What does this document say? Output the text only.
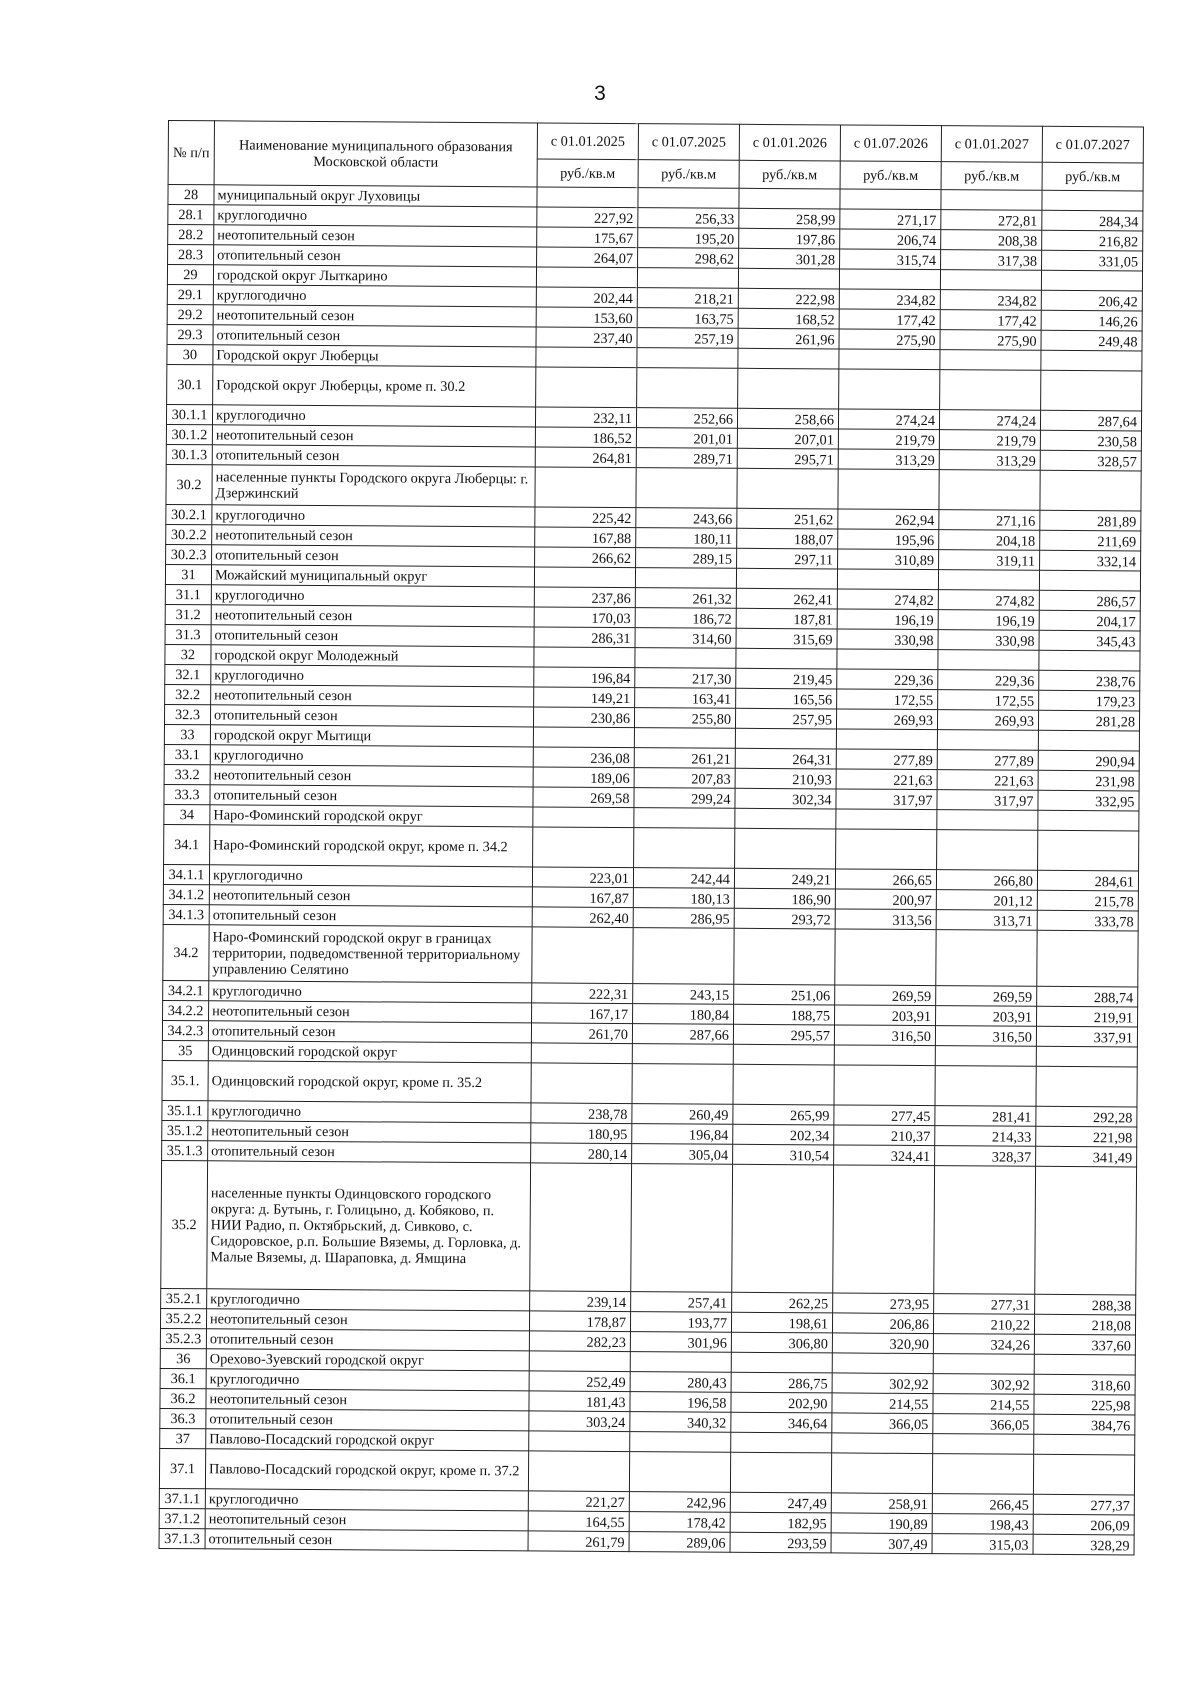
3
№ п/п	Наименование муниципального образования Московской области	с 01.01.2025	с 01.07.2025	с 01.01.2026	с 01.07.2026	с 01.01.2027	с 01.07.2027
		руб./кв.м	руб./кв.м	руб./кв.м	руб./кв.м	руб./кв.м	руб./кв.м
28	муниципальный округ Луховицы						
28.1	круглогодично	227,92	256,33	258,99	271,17	272,81	284,34
28.2	неотопительный сезон	175,67	195,20	197,86	206,74	208,38	216,82
28.3	отопительный сезон	264,07	298,62	301,28	315,74	317,38	331,05
29	городской округ Лыткарино						
29.1	круглогодично	202,44	218,21	222,98	234,82	234,82	206,42
29.2	неотопительный сезон	153,60	163,75	168,52	177,42	177,42	146,26
29.3	отопительный сезон	237,40	257,19	261,96	275,90	275,90	249,48
30	Городской округ Люберцы						
30.1	Городской округ Люберцы, кроме п. 30.2						
30.1.1	круглогодично	232,11	252,66	258,66	274,24	274,24	287,64
30.1.2	неотопительный сезон	186,52	201,01	207,01	219,79	219,79	230,58
30.1.3	отопительный сезон	264,81	289,71	295,71	313,29	313,29	328,57
30.2	населенные пункты Городского округа Люберцы: г. Дзержинский						
30.2.1	круглогодично	225,42	243,66	251,62	262,94	271,16	281,89
30.2.2	неотопительный сезон	167,88	180,11	188,07	195,96	204,18	211,69
30.2.3	отопительный сезон	266,62	289,15	297,11	310,89	319,11	332,14
31	Можайский муниципальный округ						
31.1	круглогодично	237,86	261,32	262,41	274,82	274,82	286,57
31.2	неотопительный сезон	170,03	186,72	187,81	196,19	196,19	204,17
31.3	отопительный сезон	286,31	314,60	315,69	330,98	330,98	345,43
32	городской округ Молодежный						
32.1	круглогодично	196,84	217,30	219,45	229,36	229,36	238,76
32.2	неотопительный сезон	149,21	163,41	165,56	172,55	172,55	179,23
32.3	отопительный сезон	230,86	255,80	257,95	269,93	269,93	281,28
33	городской округ Мытищи						
33.1	круглогодично	236,08	261,21	264,31	277,89	277,89	290,94
33.2	неотопительный сезон	189,06	207,83	210,93	221,63	221,63	231,98
33.3	отопительный сезон	269,58	299,24	302,34	317,97	317,97	332,95
34	Наро-Фоминский городской округ						
34.1	Наро-Фоминский городской округ, кроме п. 34.2						
34.1.1	круглогодично	223,01	242,44	249,21	266,65	266,80	284,61
34.1.2	неотопительный сезон	167,87	180,13	186,90	200,97	201,12	215,78
34.1.3	отопительный сезон	262,40	286,95	293,72	313,56	313,71	333,78
34.2	Наро-Фоминский городской округ в границах территории, подведомственной территориальному управлению Селятино						
34.2.1	круглогодично	222,31	243,15	251,06	269,59	269,59	288,74
34.2.2	неотопительный сезон	167,17	180,84	188,75	203,91	203,91	219,91
34.2.3	отопительный сезон	261,70	287,66	295,57	316,50	316,50	337,91
35	Одинцовский городской округ						
35.1.	Одинцовский городской округ, кроме п. 35.2						
35.1.1	круглогодично	238,78	260,49	265,99	277,45	281,41	292,28
35.1.2	неотопительный сезон	180,95	196,84	202,34	210,37	214,33	221,98
35.1.3	отопительный сезон	280,14	305,04	310,54	324,41	328,37	341,49
35.2	населенные пункты Одинцовского городского округа: д. Бутынь, г. Голицыно, д. Кобяково, п. НИИ Радио, п. Октябрьский, д. Сивково, с. Сидоровское, р.п. Большие Вяземы, д. Горловка, д. Малые Вяземы, д. Шараповка, д. Ямщина						
35.2.1	круглогодично	239,14	257,41	262,25	273,95	277,31	288,38
35.2.2	неотопительный сезон	178,87	193,77	198,61	206,86	210,22	218,08
35.2.3	отопительный сезон	282,23	301,96	306,80	320,90	324,26	337,60
36	Орехово-Зуевский городской округ						
36.1	круглогодично	252,49	280,43	286,75	302,92	302,92	318,60
36.2	неотопительный сезон	181,43	196,58	202,90	214,55	214,55	225,98
36.3	отопительный сезон	303,24	340,32	346,64	366,05	366,05	384,76
37	Павлово-Посадский городской округ						
37.1	Павлово-Посадский городской округ, кроме п. 37.2						
37.1.1	круглогодично	221,27	242,96	247,49	258,91	266,45	277,37
37.1.2	неотопительный сезон	164,55	178,42	182,95	190,89	198,43	206,09
37.1.3	отопительный сезон	261,79	289,06	293,59	307,49	315,03	328,29
